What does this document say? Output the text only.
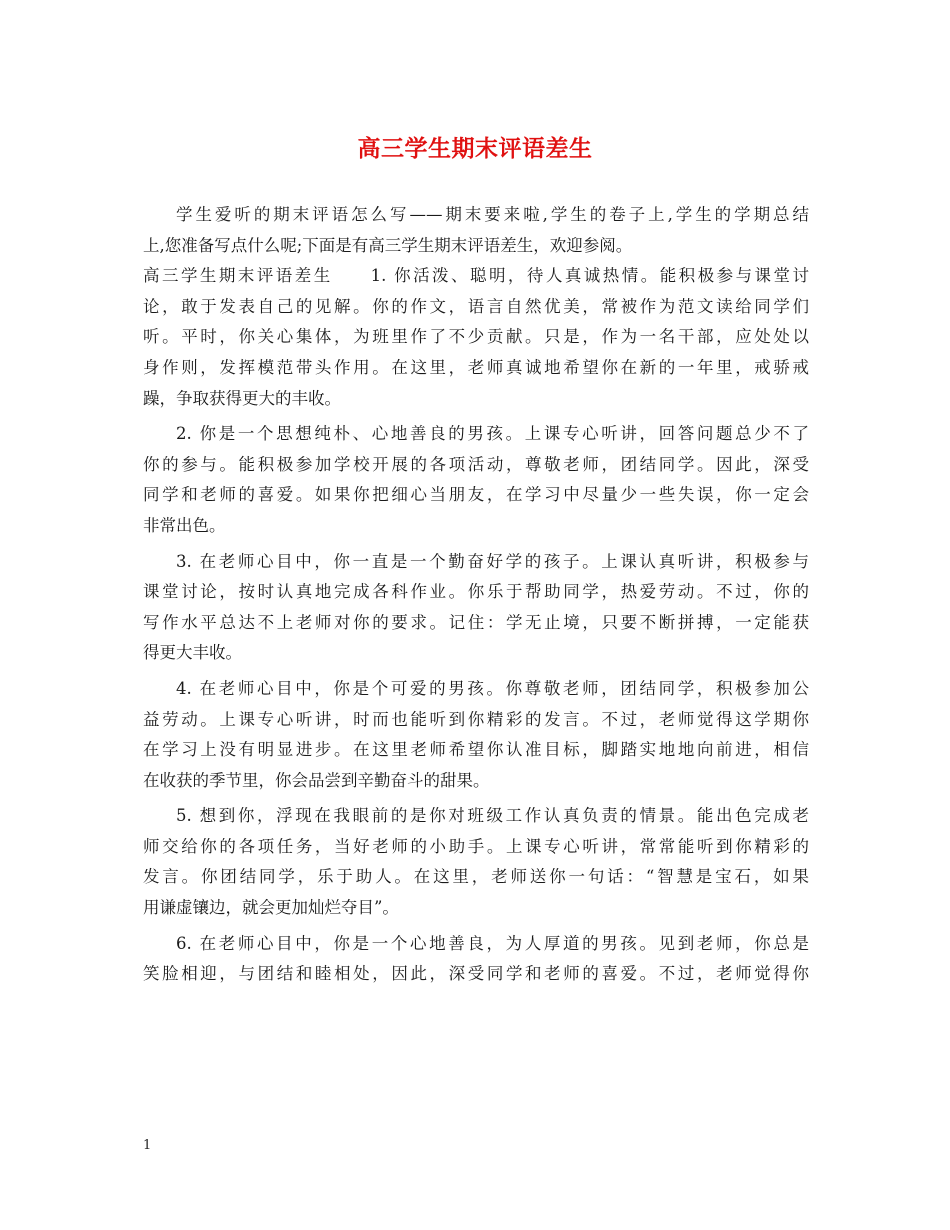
高三学生期末评语差生
学生爱听的期末评语怎么写——期末要来啦,学生的卷子上,学生的学期总结
上,您准备写点什么呢;下面是有高三学生期末评语差生，欢迎参阅。
高三学生期末评语差生　　1. 你活泼、聪明，待人真诚热情。能积极参与课堂讨
论，敢于发表自己的见解。你的作文，语言自然优美，常被作为范文读给同学们
听。平时，你关心集体，为班里作了不少贡献。只是，作为一名干部，应处处以
身作则，发挥模范带头作用。在这里，老师真诚地希望你在新的一年里，戒骄戒
躁，争取获得更大的丰收。
2. 你是一个思想纯朴、心地善良的男孩。上课专心听讲，回答问题总少不了
你的参与。能积极参加学校开展的各项活动，尊敬老师，团结同学。因此，深受
同学和老师的喜爱。如果你把细心当朋友，在学习中尽量少一些失误，你一定会
非常出色。
3. 在老师心目中，你一直是一个勤奋好学的孩子。上课认真听讲，积极参与
课堂讨论，按时认真地完成各科作业。你乐于帮助同学，热爱劳动。不过，你的
写作水平总达不上老师对你的要求。记住：学无止境，只要不断拼搏，一定能获
得更大丰收。
4. 在老师心目中，你是个可爱的男孩。你尊敬老师，团结同学，积极参加公
益劳动。上课专心听讲，时而也能听到你精彩的发言。不过，老师觉得这学期你
在学习上没有明显进步。在这里老师希望你认准目标，脚踏实地地向前进，相信
在收获的季节里，你会品尝到辛勤奋斗的甜果。
5. 想到你，浮现在我眼前的是你对班级工作认真负责的情景。能出色完成老
师交给你的各项任务，当好老师的小助手。上课专心听讲，常常能听到你精彩的
发言。你团结同学，乐于助人。在这里，老师送你一句话：“智慧是宝石，如果
用谦虚镶边，就会更加灿烂夺目”。
6. 在老师心目中，你是一个心地善良，为人厚道的男孩。见到老师，你总是
笑脸相迎，与团结和睦相处，因此，深受同学和老师的喜爱。不过，老师觉得你
1
